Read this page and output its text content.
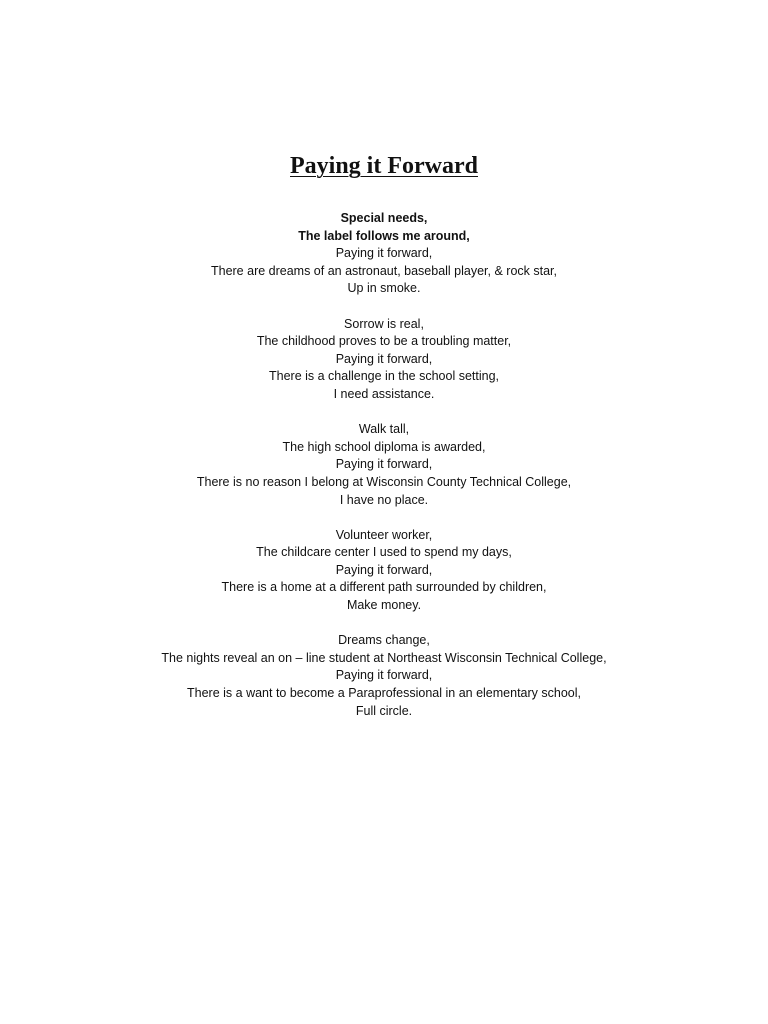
Paying it Forward
Special needs,
The label follows me around,
Paying it forward,
There are dreams of an astronaut, baseball player, & rock star,
Up in smoke.
Sorrow is real,
The childhood proves to be a troubling matter,
Paying it forward,
There is a challenge in the school setting,
I need assistance.
Walk tall,
The high school diploma is awarded,
Paying it forward,
There is no reason I belong at Wisconsin County Technical College,
I have no place.
Volunteer worker,
The childcare center I used to spend my days,
Paying it forward,
There is a home at a different path surrounded by children,
Make money.
Dreams change,
The nights reveal an on – line student at Northeast Wisconsin Technical College,
Paying it forward,
There is a want to become a Paraprofessional in an elementary school,
Full circle.
